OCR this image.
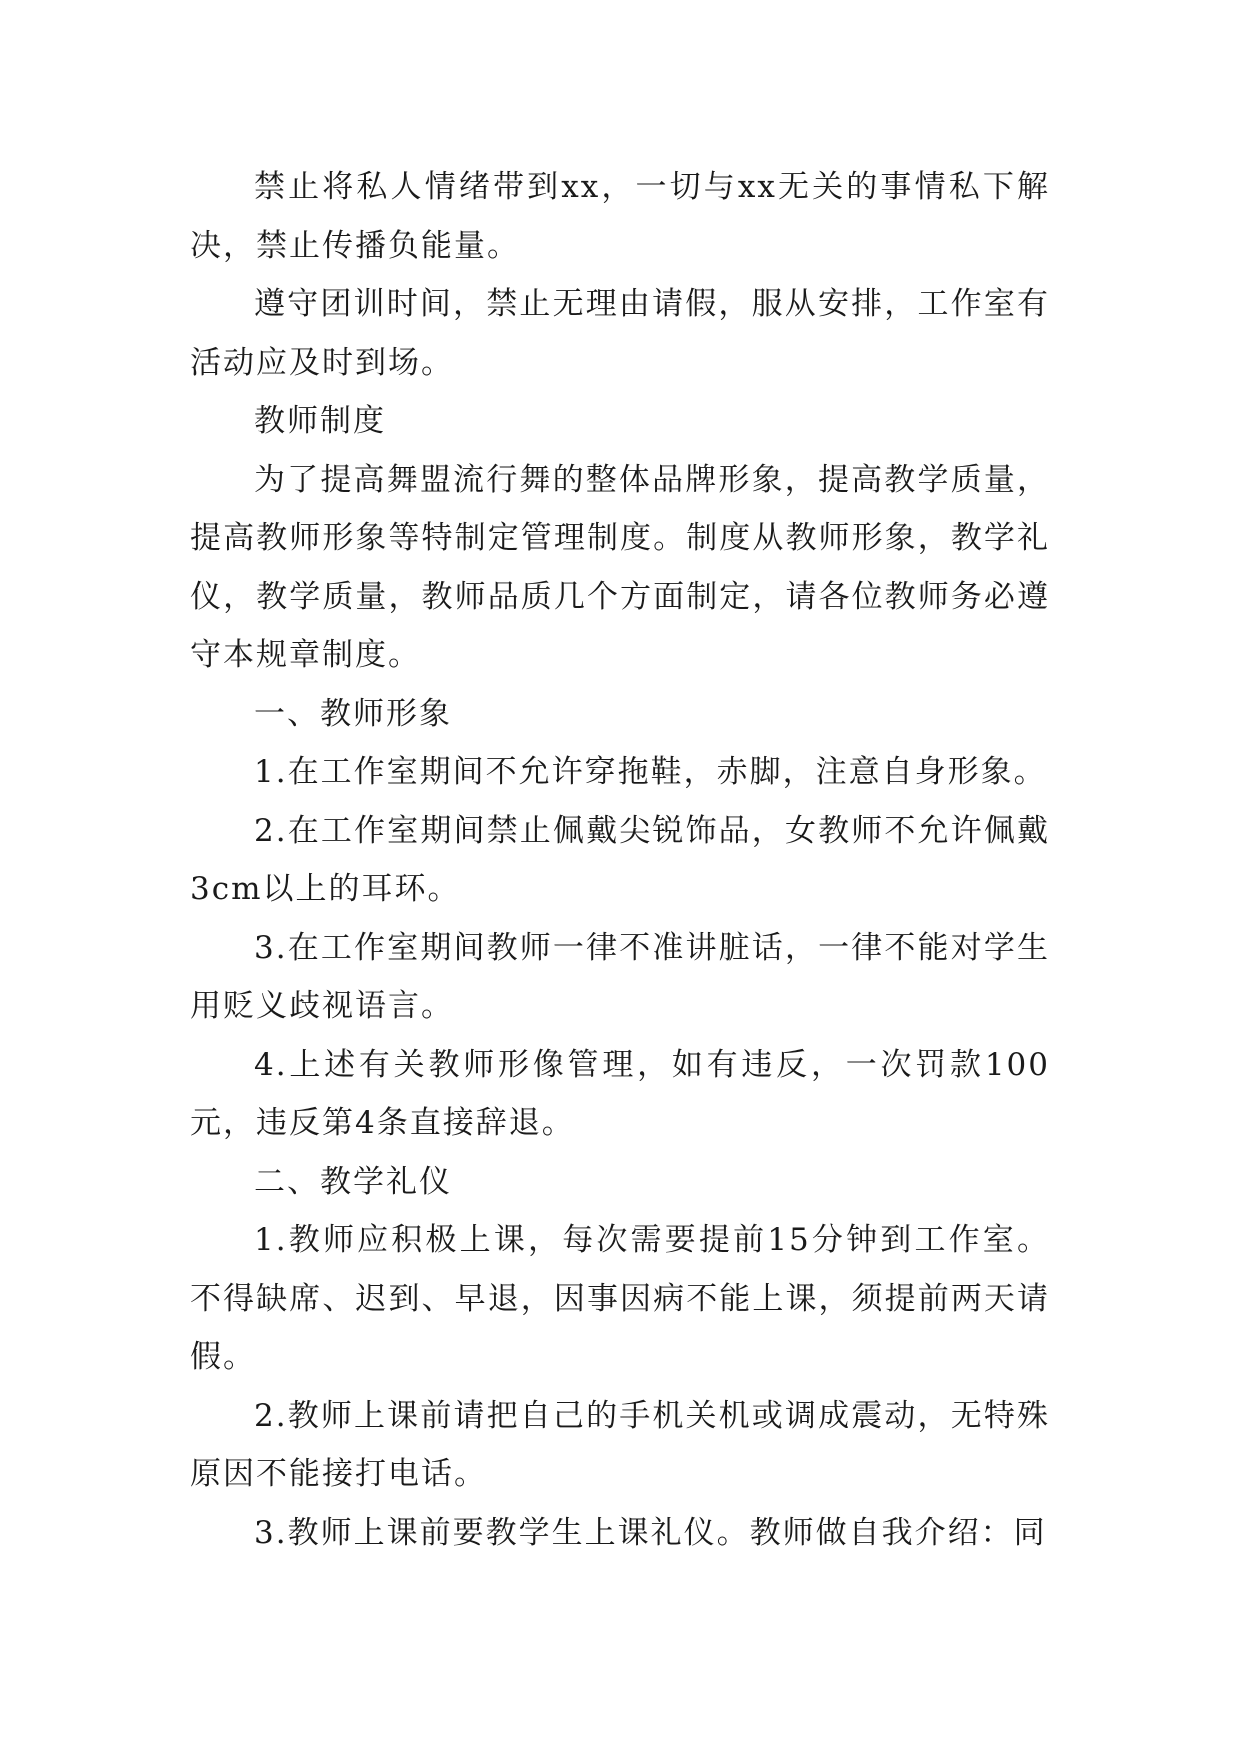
禁止将私人情绪带到xx，一切与xx无关的事情私下解决，禁止传播负能量。

遵守团训时间，禁止无理由请假，服从安排，工作室有活动应及时到场。

教师制度

为了提高舞盟流行舞的整体品牌形象，提高教学质量，提高教师形象等特制定管理制度。制度从教师形象，教学礼仪，教学质量，教师品质几个方面制定，请各位教师务必遵守本规章制度。

一、教师形象

1.在工作室期间不允许穿拖鞋，赤脚，注意自身形象。

2.在工作室期间禁止佩戴尖锐饰品，女教师不允许佩戴3cm以上的耳环。

3.在工作室期间教师一律不准讲脏话，一律不能对学生用贬义歧视语言。

4.上述有关教师形像管理，如有违反，一次罚款100元，违反第4条直接辞退。

二、教学礼仪

1.教师应积极上课，每次需要提前15分钟到工作室。不得缺席、迟到、早退，因事因病不能上课，须提前两天请假。

2.教师上课前请把自己的手机关机或调成震动，无特殊原因不能接打电话。

3.教师上课前要教学生上课礼仪。教师做自我介绍：同
